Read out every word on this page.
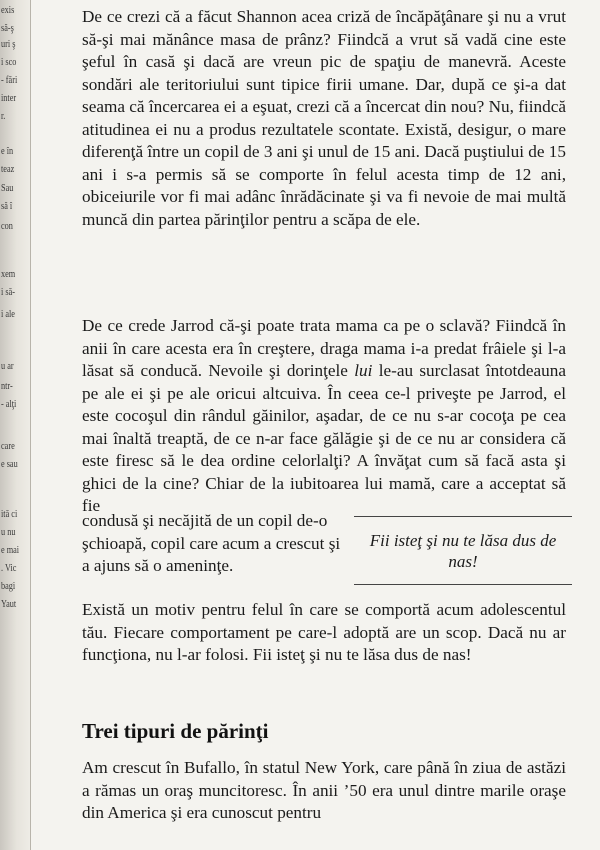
exis
să-ş
uri ş
i sco
- fări
inter
r.
e în
teaz
Sau
să î
con
xem
i să-
i ale
u ar
ntr-
- alţi
care
e sau
ită ci
u nu
e mai
. Vic
bagi
Yaut

De ce crezi că a făcut Shannon acea criză de încăpăţânare şi nu a vrut să-şi mai mănânce masa de prânz? Fiindcă a vrut să vadă cine este şeful în casă şi dacă are vreun pic de spaţiu de manevră. Aceste sondări ale teritoriului sunt tipice firii umane. Dar, după ce şi-a dat seama că încercarea ei a eşuat, crezi că a încercat din nou? Nu, fiindcă atitudinea ei nu a produs rezultatele scontate. Există, desigur, o mare diferenţă între un copil de 3 ani şi unul de 15 ani. Dacă puştiului de 15 ani i s-a permis să se comporte în felul acesta timp de 12 ani, obiceiurile vor fi mai adânc înrădăcinate şi va fi nevoie de mai multă muncă din partea părinţilor pentru a scăpa de ele.

De ce crede Jarrod că-şi poate trata mama ca pe o sclavă? Fiindcă în anii în care acesta era în creştere, draga mama i-a predat frâiele şi l-a lăsat să conducă. Nevoile şi dorinţele lui le-au surclasat întotdeauna pe ale ei şi pe ale oricui altcuiva. În ceea ce-l priveşte pe Jarrod, el este cocoşul din rândul găinilor, aşadar, de ce nu s-ar cocoţa pe cea mai înaltă treaptă, de ce n-ar face gălăgie şi de ce nu ar considera că este firesc să le dea ordine celorlalţi? A învăţat cum să facă asta şi ghici de la cine? Chiar de la iubitoarea lui mamă, care a acceptat să fie

condusă şi necăjită de un copil de-o şchioapă, copil care acum a crescut şi a ajuns să o ameninţe.

Fii isteţ şi nu te lăsa dus de nas!

Există un motiv pentru felul în care se comportă acum adolescentul tău. Fiecare comportament pe care-l adoptă are un scop. Dacă nu ar funcţiona, nu l-ar folosi. Fii isteţ şi nu te lăsa dus de nas!

Trei tipuri de părinţi

Am crescut în Bufallo, în statul New York, care până în ziua de astăzi a rămas un oraş muncitoresc. În anii ’50 era unul dintre marile oraşe din America şi era cunoscut pentru
